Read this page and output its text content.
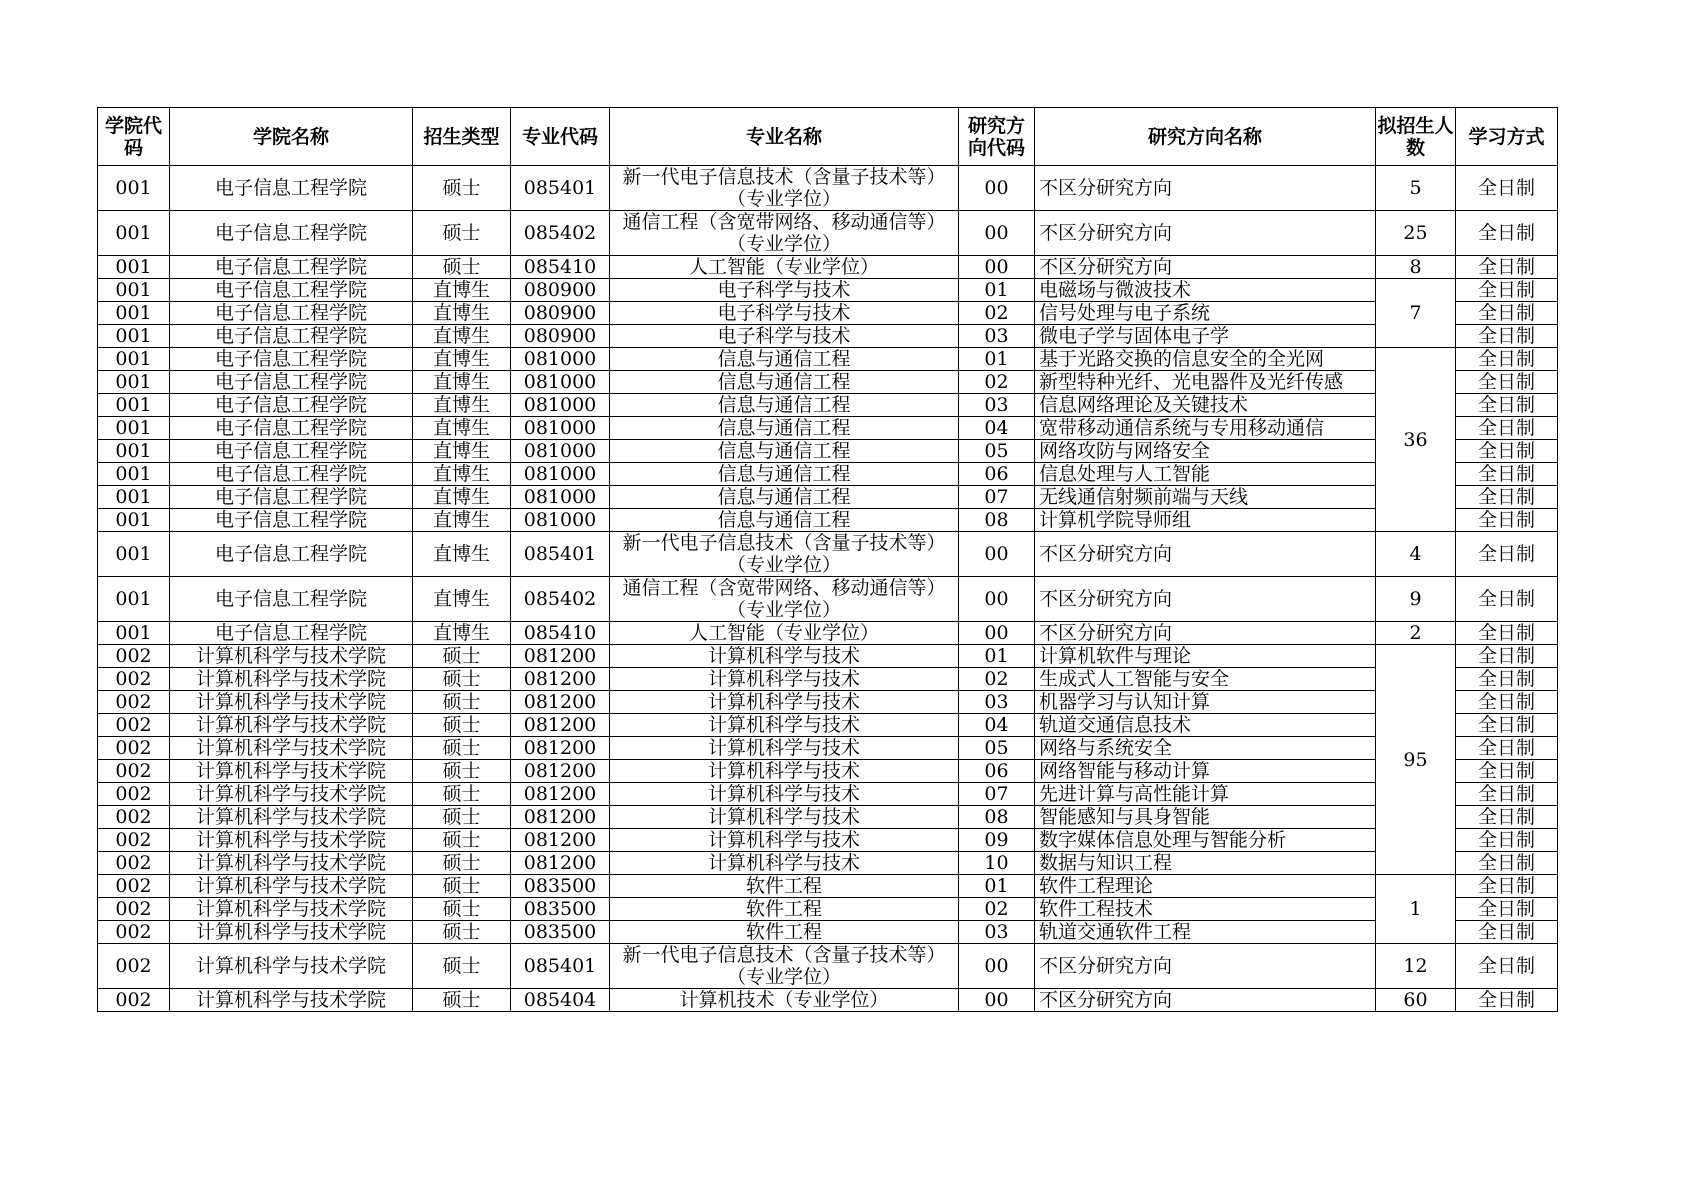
学院代码	学院名称	招生类型	专业代码	专业名称	研究方向代码	研究方向名称	拟招生人数	学习方式
001	电子信息工程学院	硕士	085401	新一代电子信息技术（含量子技术等）（专业学位）	00	不区分研究方向	5	全日制
001	电子信息工程学院	硕士	085402	通信工程（含宽带网络、移动通信等）（专业学位）	00	不区分研究方向	25	全日制
001	电子信息工程学院	硕士	085410	人工智能（专业学位）	00	不区分研究方向	8	全日制
001	电子信息工程学院	直博生	080900	电子科学与技术	01	电磁场与微波技术	7	全日制
001	电子信息工程学院	直博生	080900	电子科学与技术	02	信号处理与电子系统		全日制
001	电子信息工程学院	直博生	080900	电子科学与技术	03	微电子学与固体电子学		全日制
001	电子信息工程学院	直博生	081000	信息与通信工程	01	基于光路交换的信息安全的全光网	36	全日制
001	电子信息工程学院	直博生	081000	信息与通信工程	02	新型特种光纤、光电器件及光纤传感		全日制
001	电子信息工程学院	直博生	081000	信息与通信工程	03	信息网络理论及关键技术		全日制
001	电子信息工程学院	直博生	081000	信息与通信工程	04	宽带移动通信系统与专用移动通信		全日制
001	电子信息工程学院	直博生	081000	信息与通信工程	05	网络攻防与网络安全		全日制
001	电子信息工程学院	直博生	081000	信息与通信工程	06	信息处理与人工智能		全日制
001	电子信息工程学院	直博生	081000	信息与通信工程	07	无线通信射频前端与天线		全日制
001	电子信息工程学院	直博生	081000	信息与通信工程	08	计算机学院导师组		全日制
001	电子信息工程学院	直博生	085401	新一代电子信息技术（含量子技术等）（专业学位）	00	不区分研究方向	4	全日制
001	电子信息工程学院	直博生	085402	通信工程（含宽带网络、移动通信等）（专业学位）	00	不区分研究方向	9	全日制
001	电子信息工程学院	直博生	085410	人工智能（专业学位）	00	不区分研究方向	2	全日制
002	计算机科学与技术学院	硕士	081200	计算机科学与技术	01	计算机软件与理论	95	全日制
002	计算机科学与技术学院	硕士	081200	计算机科学与技术	02	生成式人工智能与安全		全日制
002	计算机科学与技术学院	硕士	081200	计算机科学与技术	03	机器学习与认知计算		全日制
002	计算机科学与技术学院	硕士	081200	计算机科学与技术	04	轨道交通信息技术		全日制
002	计算机科学与技术学院	硕士	081200	计算机科学与技术	05	网络与系统安全		全日制
002	计算机科学与技术学院	硕士	081200	计算机科学与技术	06	网络智能与移动计算		全日制
002	计算机科学与技术学院	硕士	081200	计算机科学与技术	07	先进计算与高性能计算		全日制
002	计算机科学与技术学院	硕士	081200	计算机科学与技术	08	智能感知与具身智能		全日制
002	计算机科学与技术学院	硕士	081200	计算机科学与技术	09	数字媒体信息处理与智能分析		全日制
002	计算机科学与技术学院	硕士	081200	计算机科学与技术	10	数据与知识工程		全日制
002	计算机科学与技术学院	硕士	083500	软件工程	01	软件工程理论	1	全日制
002	计算机科学与技术学院	硕士	083500	软件工程	02	软件工程技术		全日制
002	计算机科学与技术学院	硕士	083500	软件工程	03	轨道交通软件工程		全日制
002	计算机科学与技术学院	硕士	085401	新一代电子信息技术（含量子技术等）（专业学位）	00	不区分研究方向	12	全日制
002	计算机科学与技术学院	硕士	085404	计算机技术（专业学位）	00	不区分研究方向	60	全日制
